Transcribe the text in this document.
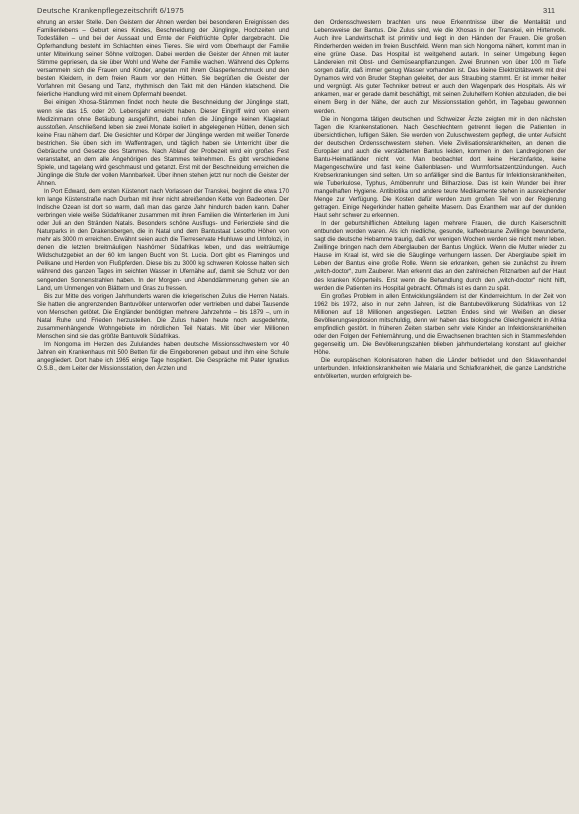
Deutsche Krankenpflegezeitschrift 6/1975	311

ehrung an erster Stelle. Den Geistern der Ahnen werden bei besonderen Ereignissen des Familienlebens – Geburt eines Kindes, Beschneidung der Jünglinge, Hochzeiten und Todesfällen – und bei der Aussaat und Ernte der Feldfrüchte Opfer dargebracht. Die Opferhandlung besteht im Schlachten eines Tieres. Sie wird vom Oberhaupt der Familie unter Mitwirkung seiner Söhne vollzogen. Dabei werden die Geister der Ahnen mit lauter Stimme gepriesen, da sie über Wohl und Wehe der Familie wachen. Während des Opferns versammeln sich die Frauen und Kinder, angetan mit ihrem Glasperlenschmuck und den besten Kleidern, in dem freien Raum vor den Hütten. Sie begrüßen die Geister der Vorfahren mit Gesang und Tanz, rhythmisch den Takt mit den Händen klatschend. Die feierliche Handlung wird mit einem Opfermahl beendet.

Bei einigen Xhosa-Stämmen findet noch heute die Beschneidung der Jünglinge statt, wenn sie das 15. oder 20. Lebensjahr erreicht haben. Dieser Eingriff wird von einem Medizinmann ohne Betäubung ausgeführt, dabei rufen die Jünglinge keinen Klagelaut ausstoßen. Anschließend leben sie zwei Monate isoliert in abgelegenen Hütten, denen sich keine Frau nähern darf. Die Gesichter und Körper der Jünglinge werden mit weißer Tonerde bestrichen. Sie üben sich im Waffentragen, und täglich haben sie Unterricht über die Gebräuche und Gesetze des Stammes. Nach Ablauf der Probezeit wird ein großes Fest veranstaltet, an dem alle Angehörigen des Stammes teilnehmen. Es gibt verschiedene Spiele, und tagelang wird geschmaust und getanzt. Erst mit der Beschneidung erreichen die Jünglinge die Stufe der vollen Mannbarkeit. Über ihnen stehen jetzt nur noch die Geister der Ahnen.

In Port Edward, dem ersten Küstenort nach Vorlassen der Transkei, beginnt die etwa 170 km lange Küstenstraße nach Durban mit ihrer nicht abreißenden Kette von Badeorten. Der Indische Ozean ist dort so warm, daß man das ganze Jahr hindurch baden kann. Daher verbringen viele weiße Südafrikaner zusammen mit ihren Familien die Winterferien im Juni oder Juli an den Stränden Natals. Besonders schöne Ausflugs- und Ferienziele sind die Naturparks in den Drakensbergen, die in Natal und dem Bantustaat Lesotho Höhen von mehr als 3000 m erreichen. Erwähnt seien auch die Tierreservate Hluhluwe und Umfolozi, in denen die letzten breitmäuligen Nashörner Südafrikas leben, und das weiträumige Wildschutzgebiet an der 60 km langen Bucht von St. Lucia. Dort gibt es Flamingos und Pelikane und Herden von Flußpferden. Diese bis zu 3000 kg schweren Kolosse halten sich während des ganzen Tages im seichten Wasser in Ufernähe auf, damit sie Schutz vor den sengenden Sonnenstrahlen haben. In der Morgen- und Abenddämmerung gehen sie an Land, um Unmengen von Blättern und Gras zu fressen.

Bis zur Mitte des vorigen Jahrhunderts waren die kriegerischen Zulus die Herren Natals. Sie hatten die angrenzenden Bantuvölker unterworfen oder vertrieben und dabei Tausende von Menschen getötet. Die Engländer benötigten mehrere Jahrzehnte – bis 1879 –, um in Natal Ruhe und Frieden herzustellen. Die Zulus haben heute noch ausgedehnte, zusammenhängende Wohngebiete im nördlichen Teil Natals. Mit über vier Millionen Menschen sind sie das größte Bantuvolk Südafrikas.

Im Nongoma im Herzen des Zululandes haben deutsche Missionsschwestern vor 40 Jahren ein Krankenhaus mit 500 Betten für die Eingeborenen gebaut und ihm eine Schule angegliedert. Dort habe ich 1965 einige Tage hospitiert. Die Gespräche mit Pater Ignatius O.S.B., dem Leiter der Missionsstation, den Ärzten und

den Ordensschwestern brachten uns neue Erkenntnisse über die Mentalität und Lebensweise der Bantus. Die Zulus sind, wie die Xhosas in der Transkei, ein Hirtenvolk. Auch ihre Landwirtschaft ist primitiv und liegt in den Händen der Frauen. Die großen Rinderherden weiden im freien Buschfeld. Wenn man sich Nongoma nähert, kommt man in eine grüne Oase. Das Hospital ist weitgehend autark. In seiner Umgebung liegen Ländereien mit Obst- und Gemüseanpflanzungen. Zwei Brunnen von über 100 m Tiefe sorgen dafür, daß immer genug Wasser vorhanden ist. Das kleine Elektrizitätswerk mit drei Dynamos wird von Bruder Stephan geleitet, der aus Straubing stammt. Er ist immer heiter und vergnügt. Als guter Techniker betreut er auch den Wagenpark des Hospitals. Als wir ankamen, war er gerade damit beschäftigt, mit seinen Zuluhelfern Kohlen abzuladen, die bei einem Berg in der Nähe, der auch zur Missionsstation gehört, im Tagebau gewonnen werden.

Die in Nongoma tätigen deutschen und Schweizer Ärzte zeigten mir in den nächsten Tagen die Krankenstationen. Nach Geschlechtern getrennt liegen die Patienten in übersichtlichen, luftigen Sälen. Sie werden von Zuluschwestern gepflegt, die unter Aufsicht der deutschen Ordensschwestern stehen. Viele Zivilisationskrankheiten, an denen die Europäer und auch die verstädterten Bantus leiden, kommen in den Landregionen der Bantu-Heimatländer nicht vor. Man beobachtet dort keine Herzinfarkte, keine Magengeschwüre und fast keine Gallenblasen- und Wurmfortsatzentzündungen. Auch Krebserkrankungen sind selten. Um so anfälliger sind die Bantus für Infektionskrankheiten, wie Tuberkulose, Typhus, Amöbenruhr und Bilharziose. Das ist kein Wunder bei ihrer mangelhaften Hygiene. Antibiotika und andere teure Medikamente stehen in ausreichender Menge zur Verfügung. Die Kosten dafür werden zum großen Teil von der Regierung getragen. Einige Negerkinder hatten geheilte Masern. Das Exanthem war auf der dunklen Haut sehr schwer zu erkennen.

In der geburtshilflichen Abteilung lagen mehrere Frauen, die durch Kaiserschnitt entbunden worden waren. Als ich niedliche, gesunde, kaffeebraune Zwillinge bewunderte, sagt die deutsche Hebamme traurig, daß vor wenigen Wochen werden sie nicht mehr leben. Zwillinge bringen nach dem Aberglauben der Bantus Unglück. Wenn die Mutter wieder zu Hause im Kraal ist, wird sie die Säuglinge verhungern lassen. Der Aberglaube spielt im Leben der Bantus eine große Rolle. Wenn sie erkranken, gehen sie zunächst zu ihrem „witch-doctor“, zum Zauberer. Man erkennt das an den zahlreichen Ritznarben auf der Haut des kranken Körperteils. Erst wenn die Behandlung durch den „witch-doctor“ nicht hilft, werden die Patienten ins Hospital gebracht. Oftmals ist es dann zu spät.

Ein großes Problem in allen Entwicklungsländern ist der Kinderreichtum. In der Zeit von 1962 bis 1972, also in nur zehn Jahren, ist die Bantubevölkerung Südafrikas von 12 Millionen auf 18 Millionen angestiegen. Letzten Endes sind wir Weißen an dieser Bevölkerungsexplosion mitschuldig, denn wir haben das biologische Gleichgewicht in Afrika empfindlich gestört. In früheren Zeiten starben sehr viele Kinder an Infektionskrankheiten oder den Folgen der Fehlernährung, und die Erwachsenen brachten sich in Stammesfehden gegenseitig um. Die Bevölkerungszahlen blieben jahrhundertelang konstant auf gleicher Höhe.

Die europäischen Kolonisatoren haben die Länder befriedet und den Sklavenhandel unterbunden. Infektionskrankheiten wie Malaria und Schlafkrankheit, die ganze Landstriche entvölkerten, wurden erfolgreich be-
